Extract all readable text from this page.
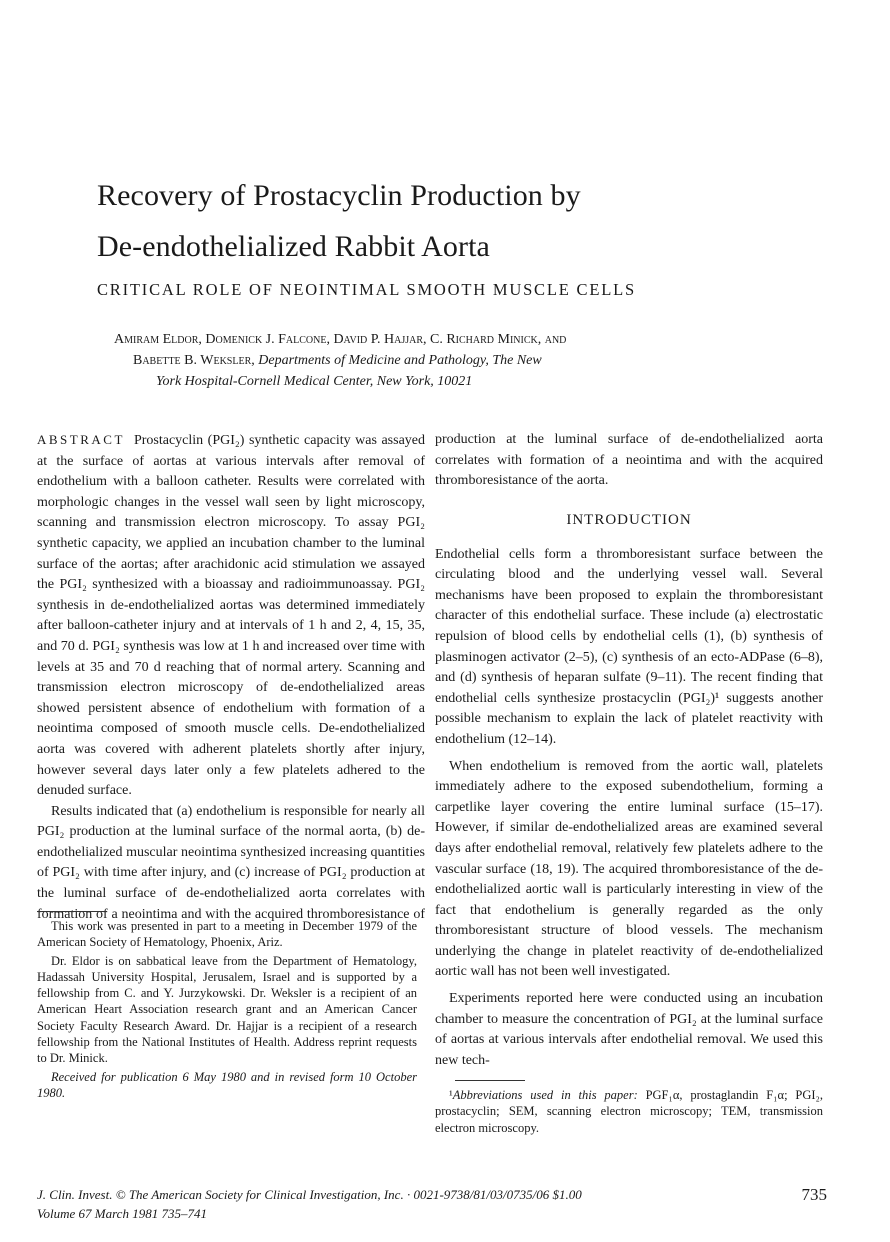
Recovery of Prostacyclin Production by
De-endothelialized Rabbit Aorta
CRITICAL ROLE OF NEOINTIMAL SMOOTH MUSCLE CELLS
Amiram Eldor, Domenick J. Falcone, David P. Hajjar, C. Richard Minick, and
Babette B. Weksler, Departments of Medicine and Pathology, The New
York Hospital-Cornell Medical Center, New York, 10021

ABSTRACT Prostacyclin (PGI₂) synthetic capacity was assayed at the surface of aortas at various intervals after removal of endothelium with a balloon catheter. Results were correlated with morphologic changes in the vessel wall seen by light microscopy, scanning and transmission electron microscopy. To assay PGI₂ synthetic capacity, we applied an incubation chamber to the luminal surface of the aortas; after arachidonic acid stimulation we assayed the PGI₂ synthesized with a bioassay and radioimmunoassay. PGI₂ synthesis in de-endothelialized aortas was determined immediately after balloon-catheter injury and at intervals of 1 h and 2, 4, 15, 35, and 70 d. PGI₂ synthesis was low at 1 h and increased over time with levels at 35 and 70 d reaching that of normal artery. Scanning and transmission electron microscopy of de-endothelialized areas showed persistent absence of endothelium with formation of a neointima composed of smooth muscle cells. De-endothelialized aorta was covered with adherent platelets shortly after injury, however several days later only a few platelets adhered to the denuded surface.

Results indicated that (a) endothelium is responsible for nearly all PGI₂ production at the luminal surface of the normal aorta, (b) de-endothelialized muscular neointima synthesized increasing quantities of PGI₂ with time after injury, and (c) increase of PGI₂ production at the luminal surface of de-endothelialized aorta correlates with formation of a neointima and with the acquired thromboresistance of

This work was presented in part to a meeting in December 1979 of the American Society of Hematology, Phoenix, Ariz.

Dr. Eldor is on sabbatical leave from the Department of Hematology, Hadassah University Hospital, Jerusalem, Israel and is supported by a fellowship from C. and Y. Jurzykowski. Dr. Weksler is a recipient of an American Heart Association research grant and an American Cancer Society Faculty Research Award. Dr. Hajjar is a recipient of a research fellowship from the National Institutes of Health. Address reprint requests to Dr. Minick.

Received for publication 6 May 1980 and in revised form 10 October 1980.

production at the luminal surface of de-endothelialized aorta correlates with formation of a neointima and with the acquired thromboresistance of the aorta.

INTRODUCTION

Endothelial cells form a thromboresistant surface between the circulating blood and the underlying vessel wall. Several mechanisms have been proposed to explain the thromboresistant character of this endothelial surface. These include (a) electrostatic repulsion of blood cells by endothelial cells (1), (b) synthesis of plasminogen activator (2–5), (c) synthesis of an ecto-ADPase (6–8), and (d) synthesis of heparan sulfate (9–11). The recent finding that endothelial cells synthesize prostacyclin (PGI₂)¹ suggests another possible mechanism to explain the lack of platelet reactivity with endothelium (12–14).

When endothelium is removed from the aortic wall, platelets immediately adhere to the exposed subendothelium, forming a carpetlike layer covering the entire luminal surface (15–17). However, if similar de-endothelialized areas are examined several days after endothelial removal, relatively few platelets adhere to the vascular surface (18, 19). The acquired thromboresistance of the de-endothelialized aortic wall is particularly interesting in view of the fact that endothelium is generally regarded as the only thromboresistant structure of blood vessels. The mechanism underlying the change in platelet reactivity of de-endothelialized aortic wall has not been well investigated.

Experiments reported here were conducted using an incubation chamber to measure the concentration of PGI₂ at the luminal surface of aortas at various intervals after endothelial removal. We used this new tech-

¹Abbreviations used in this paper: PGF₁α, prostaglandin F₁α; PGI₂, prostacyclin; SEM, scanning electron microscopy; TEM, transmission electron microscopy.

J. Clin. Invest. © The American Society for Clinical Investigation, Inc. · 0021-9738/81/03/0735/06 $1.00
Volume 67 March 1981 735–741
735
